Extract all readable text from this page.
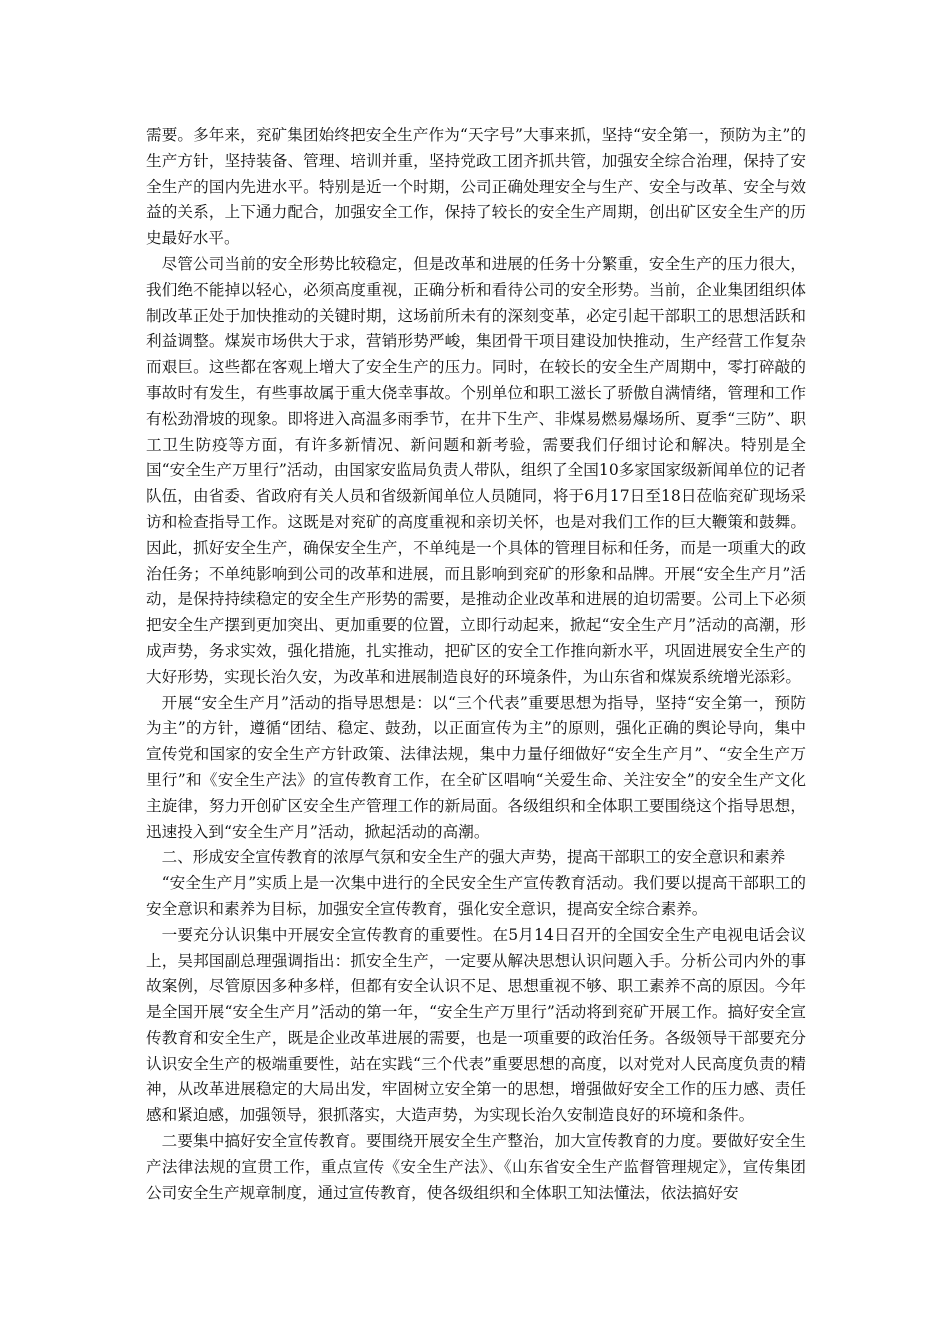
需要。多年来，兖矿集团始终把安全生产作为“天字号”大事来抓，坚持“安全第一，预防为主”的生产方针，坚持装备、管理、培训并重，坚持党政工团齐抓共管，加强安全综合治理，保持了安全生产的国内先进水平。特别是近一个时期，公司正确处理安全与生产、安全与改革、安全与效益的关系，上下通力配合，加强安全工作，保持了较长的安全生产周期，创出矿区安全生产的历史最好水平。

尽管公司当前的安全形势比较稳定，但是改革和进展的任务十分繁重，安全生产的压力很大，我们绝不能掉以轻心，必须高度重视，正确分析和看待公司的安全形势。当前，企业集团组织体制改革正处于加快推动的关键时期，这场前所未有的深刻变革，必定引起干部职工的思想活跃和利益调整。煤炭市场供大于求，营销形势严峻，集团骨干项目建设加快推动，生产经营工作复杂而艰巨。这些都在客观上增大了安全生产的压力。同时，在较长的安全生产周期中，零打碎敲的事故时有发生，有些事故属于重大侥幸事故。个别单位和职工滋长了骄傲自满情绪，管理和工作有松劲滑坡的现象。即将进入高温多雨季节，在井下生产、非煤易燃易爆场所、夏季“三防”、职工卫生防疫等方面，有许多新情况、新问题和新考验，需要我们仔细讨论和解决。特别是全国“安全生产万里行”活动，由国家安监局负责人带队，组织了全国10多家国家级新闻单位的记者队伍，由省委、省政府有关人员和省级新闻单位人员随同，将于6月17日至18日莅临兖矿现场采访和检查指导工作。这既是对兖矿的高度重视和亲切关怀，也是对我们工作的巨大鞭策和鼓舞。因此，抓好安全生产，确保安全生产，不单纯是一个具体的管理目标和任务，而是一项重大的政治任务；不单纯影响到公司的改革和进展，而且影响到兖矿的形象和品牌。开展“安全生产月”活动，是保持持续稳定的安全生产形势的需要，是推动企业改革和进展的迫切需要。公司上下必须把安全生产摆到更加突出、更加重要的位置，立即行动起来，掀起“安全生产月”活动的高潮，形成声势，务求实效，强化措施，扎实推动，把矿区的安全工作推向新水平，巩固进展安全生产的大好形势，实现长治久安，为改革和进展制造良好的环境条件，为山东省和煤炭系统增光添彩。

开展“安全生产月”活动的指导思想是：以“三个代表”重要思想为指导，坚持“安全第一，预防为主”的方针，遵循“团结、稳定、鼓劲，以正面宣传为主”的原则，强化正确的舆论导向，集中宣传党和国家的安全生产方针政策、法律法规，集中力量仔细做好“安全生产月”、“安全生产万里行”和《安全生产法》的宣传教育工作，在全矿区唱响“关爱生命、关注安全”的安全生产文化主旋律，努力开创矿区安全生产管理工作的新局面。各级组织和全体职工要围绕这个指导思想，迅速投入到“安全生产月”活动，掀起活动的高潮。

二、形成安全宣传教育的浓厚气氛和安全生产的强大声势，提高干部职工的安全意识和素养

“安全生产月”实质上是一次集中进行的全民安全生产宣传教育活动。我们要以提高干部职工的安全意识和素养为目标，加强安全宣传教育，强化安全意识，提高安全综合素养。

一要充分认识集中开展安全宣传教育的重要性。在5月14日召开的全国安全生产电视电话会议上，吴邦国副总理强调指出：抓安全生产，一定要从解决思想认识问题入手。分析公司内外的事故案例，尽管原因多种多样，但都有安全认识不足、思想重视不够、职工素养不高的原因。今年是全国开展“安全生产月”活动的第一年，“安全生产万里行”活动将到兖矿开展工作。搞好安全宣传教育和安全生产，既是企业改革进展的需要，也是一项重要的政治任务。各级领导干部要充分认识安全生产的极端重要性，站在实践“三个代表”重要思想的高度，以对党对人民高度负责的精神，从改革进展稳定的大局出发，牢固树立安全第一的思想，增强做好安全工作的压力感、责任感和紧迫感，加强领导，狠抓落实，大造声势，为实现长治久安制造良好的环境和条件。

二要集中搞好安全宣传教育。要围绕开展安全生产整治，加大宣传教育的力度。要做好安全生产法律法规的宣贯工作，重点宣传《安全生产法》、《山东省安全生产监督管理规定》，宣传集团公司安全生产规章制度，通过宣传教育，使各级组织和全体职工知法懂法，依法搞好安
